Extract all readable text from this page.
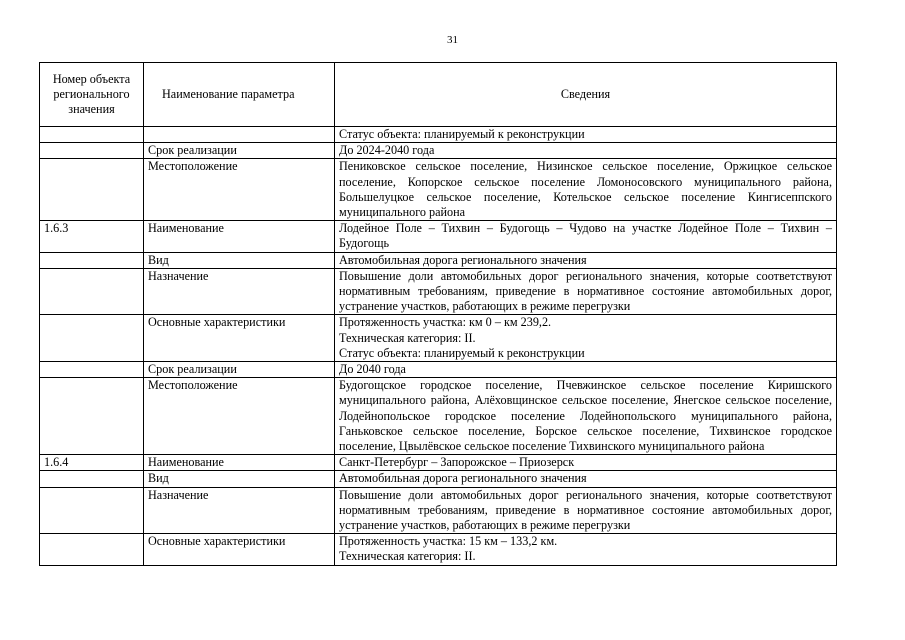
31
Номер объекта регионального значения	Наименование параметра	Сведения

		Статус объекта: планируемый к реконструкции

	Срок реализации	До 2024-2040 года

	Местоположение	Пениковское сельское поселение, Низинское сельское поселение, Оржицкое сельское поселение, Копорское сельское поселение Ломоносовского муниципального района, Большелуцкое сельское поселение, Котельское сельское поселение Кингисеппского муниципального района

1.6.3	Наименование	Лодейное Поле – Тихвин – Будогощь – Чудово на участке Лодейное Поле – Тихвин – Будогощь

	Вид	Автомобильная дорога регионального значения

	Назначение	Повышение доли автомобильных дорог регионального значения, которые соответствуют нормативным требованиям, приведение в нормативное состояние автомобильных дорог, устранение участков, работающих в режиме перегрузки

	Основные характеристики	Протяженность участка: км 0 – км 239,2.
Техническая категория: II.
Статус объекта: планируемый к реконструкции

	Срок реализации	До 2040 года

	Местоположение	Будогощское городское поселение, Пчевжинское сельское поселение Киришского муниципального района, Алёховщинское сельское поселение, Янегское сельское поселение, Лодейнопольское городское поселение Лодейнопольского муниципального района, Ганьковское сельское поселение, Борское сельское поселение, Тихвинское городское поселение, Цвылёвское сельское поселение Тихвинского муниципального района

1.6.4	Наименование	Санкт-Петербург – Запорожское – Приозерск

	Вид	Автомобильная дорога регионального значения

	Назначение	Повышение доли автомобильных дорог регионального значения, которые соответствуют нормативным требованиям, приведение в нормативное состояние автомобильных дорог, устранение участков, работающих в режиме перегрузки

	Основные характеристики	Протяженность участка: 15 км – 133,2 км.
Техническая категория: II.
